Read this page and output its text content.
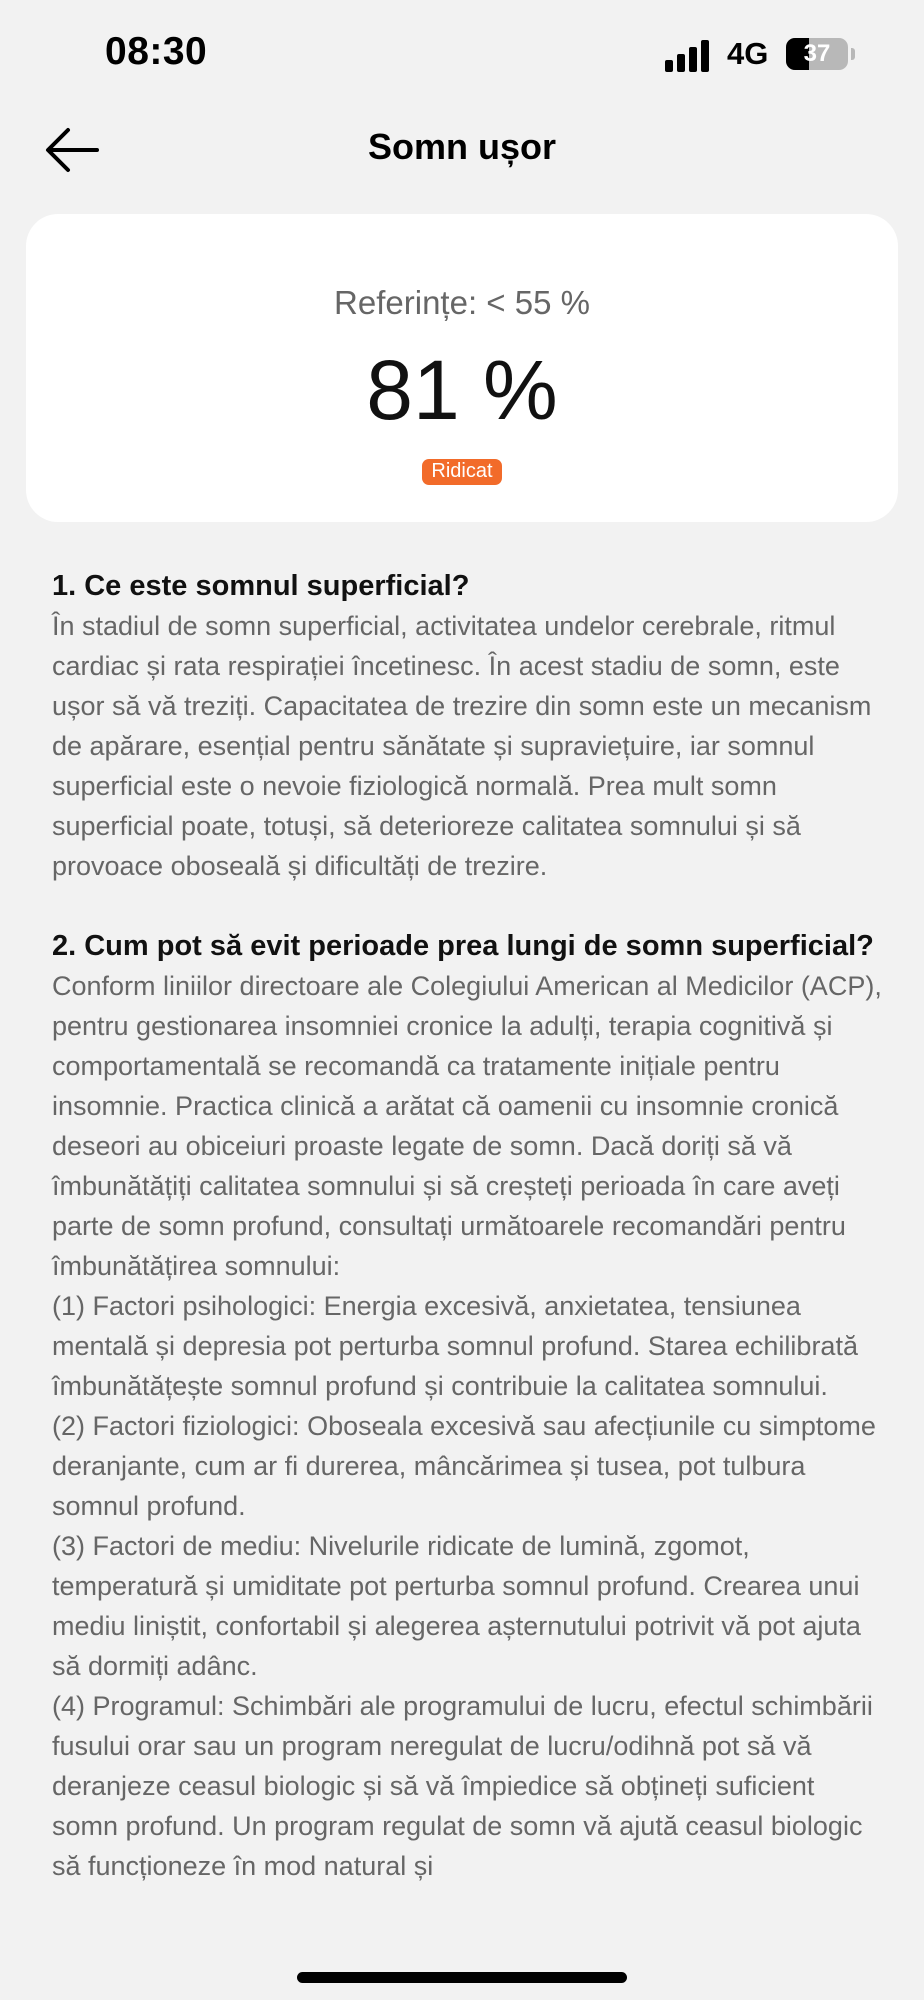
08:30	4G	37
Somn ușor
Referințe: < 55 %
81 %
Ridicat
1. Ce este somnul superficial?

În stadiul de somn superficial, activitatea undelor cerebrale, ritmul cardiac și rata respirației încetinesc. În acest stadiu de somn, este ușor să vă treziți. Capacitatea de trezire din somn este un mecanism de apărare, esențial pentru sănătate și supraviețuire, iar somnul superficial este o nevoie fiziologică normală. Prea mult somn superficial poate, totuși, să deterioreze calitatea somnului și să provoace oboseală și dificultăți de trezire.

2. Cum pot să evit perioade prea lungi de somn superficial?

Conform liniilor directoare ale Colegiului American al Medicilor (ACP), pentru gestionarea insomniei cronice la adulți, terapia cognitivă și comportamentală se recomandă ca tratamente inițiale pentru insomnie. Practica clinică a arătat că oamenii cu insomnie cronică deseori au obiceiuri proaste legate de somn. Dacă doriți să vă îmbunătățiți calitatea somnului și să creșteți perioada în care aveți parte de somn profund, consultați următoarele recomandări pentru îmbunătățirea somnului:

(1) Factori psihologici: Energia excesivă, anxietatea, tensiunea mentală și depresia pot perturba somnul profund. Starea echilibrată îmbunătățește somnul profund și contribuie la calitatea somnului.

(2) Factori fiziologici: Oboseala excesivă sau afecțiunile cu simptome deranjante, cum ar fi durerea, mâncărimea și tusea, pot tulbura somnul profund.

(3) Factori de mediu: Nivelurile ridicate de lumină, zgomot, temperatură și umiditate pot perturba somnul profund. Crearea unui mediu liniștit, confortabil și alegerea așternutului potrivit vă pot ajuta să dormiți adânc.

(4) Programul: Schimbări ale programului de lucru, efectul schimbării fusului orar sau un program neregulat de lucru/odihnă pot să vă deranjeze ceasul biologic și să vă împiedice să obțineți suficient somn profund. Un program regulat de somn vă ajută ceasul biologic să funcționeze în mod natural și
